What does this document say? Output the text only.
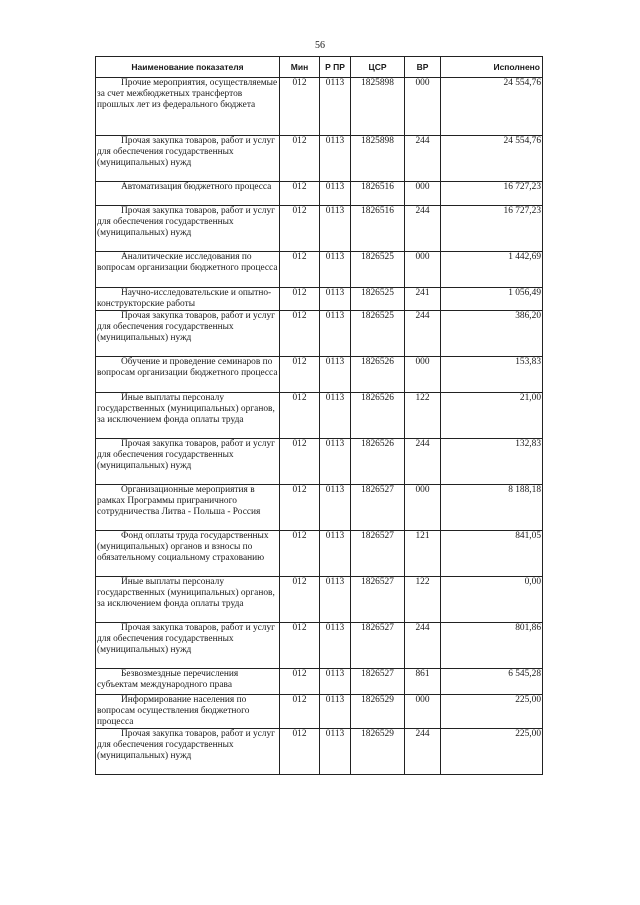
56
Наименование показателя	Мин	Р ПР	ЦСР	ВР	Исполнено

Прочие мероприятия, осуществляемые за счет межбюджетных трансфертов прошлых лет из федерального бюджета	012	0113	1825898	000	24 554,76

Прочая закупка товаров, работ и услуг для обеспечения государственных (муниципальных) нужд	012	0113	1825898	244	24 554,76

Автоматизация бюджетного процесса	012	0113	1826516	000	16 727,23

Прочая закупка товаров, работ и услуг для обеспечения государственных (муниципальных) нужд	012	0113	1826516	244	16 727,23

Аналитические исследования по вопросам организации бюджетного процесса	012	0113	1826525	000	1 442,69

Научно-исследовательские и опытно-конструкторские работы	012	0113	1826525	241	1 056,49

Прочая закупка товаров, работ и услуг для обеспечения государственных (муниципальных) нужд	012	0113	1826525	244	386,20

Обучение и проведение семинаров по вопросам организации бюджетного процесса	012	0113	1826526	000	153,83

Иные выплаты персоналу государственных (муниципальных) органов, за исключением фонда оплаты труда	012	0113	1826526	122	21,00

Прочая закупка товаров, работ и услуг для обеспечения государственных (муниципальных) нужд	012	0113	1826526	244	132,83

Организационные мероприятия в рамках Программы приграничного сотрудничества Литва - Польша - Россия	012	0113	1826527	000	8 188,18

Фонд оплаты труда государственных (муниципальных) органов и взносы по обязательному социальному страхованию	012	0113	1826527	121	841,05

Иные выплаты персоналу государственных (муниципальных) органов, за исключением фонда оплаты труда	012	0113	1826527	122	0,00

Прочая закупка товаров, работ и услуг для обеспечения государственных (муниципальных) нужд	012	0113	1826527	244	801,86

Безвозмездные перечисления субъектам международного права	012	0113	1826527	861	6 545,28

Информирование населения по вопросам осуществления бюджетного процесса	012	0113	1826529	000	225,00

Прочая закупка товаров, работ и услуг для обеспечения государственных (муниципальных) нужд	012	0113	1826529	244	225,00
